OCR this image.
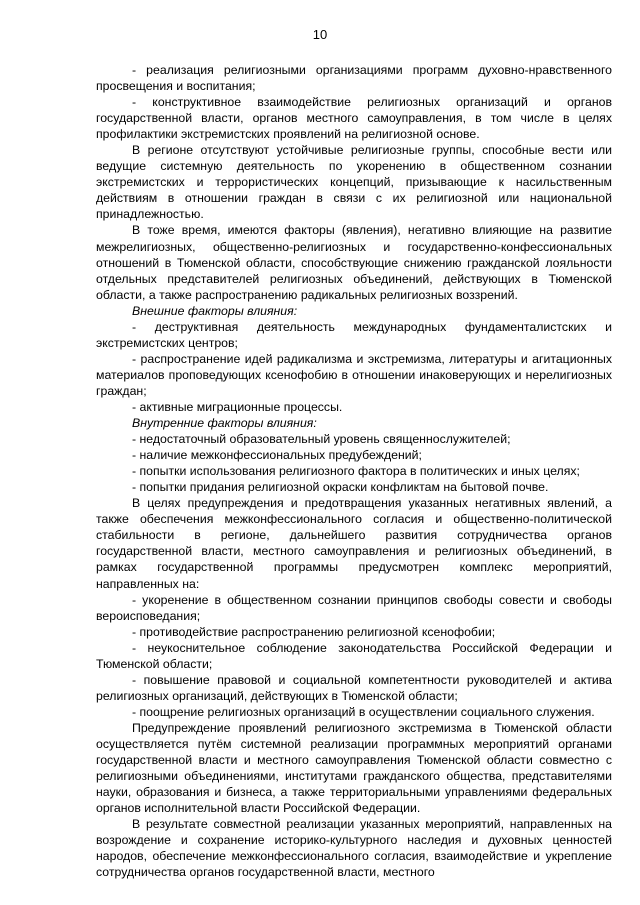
10

- реализация религиозными организациями программ духовно-нравственного просвещения и воспитания;

- конструктивное взаимодействие религиозных организаций и органов государственной власти, органов местного самоуправления, в том числе в целях профилактики экстремистских проявлений на религиозной основе.

В регионе отсутствуют устойчивые религиозные группы, способные вести или ведущие системную деятельность по укоренению в общественном сознании экстремистских и террористических концепций, призывающие к насильственным действиям в отношении граждан в связи с их религиозной или национальной принадлежностью.

В тоже время, имеются факторы (явления), негативно влияющие на развитие межрелигиозных, общественно-религиозных и государственно-конфессиональных отношений в Тюменской области, способствующие снижению гражданской лояльности отдельных представителей религиозных объединений, действующих в Тюменской области, а также распространению радикальных религиозных воззрений.

Внешние факторы влияния:

- деструктивная деятельность международных фундаменталистских и экстремистских центров;

- распространение идей радикализма и экстремизма, литературы и агитационных материалов проповедующих ксенофобию в отношении инаковерующих и нерелигиозных граждан;

- активные миграционные процессы.

Внутренние факторы влияния:

- недостаточный образовательный уровень священнослужителей;

- наличие межконфессиональных предубеждений;

- попытки использования религиозного фактора в политических и иных целях;

- попытки придания религиозной окраски конфликтам на бытовой почве.

В целях предупреждения и предотвращения указанных негативных явлений, а также обеспечения межконфессионального согласия и общественно-политической стабильности в регионе, дальнейшего развития сотрудничества органов государственной власти, местного самоуправления и религиозных объединений, в рамках государственной программы предусмотрен комплекс мероприятий, направленных на:

- укоренение в общественном сознании принципов свободы совести и свободы вероисповедания;

- противодействие распространению религиозной ксенофобии;

- неукоснительное соблюдение законодательства Российской Федерации и Тюменской области;

- повышение правовой и социальной компетентности руководителей и актива религиозных организаций, действующих в Тюменской области;

- поощрение религиозных организаций в осуществлении социального служения.

Предупреждение проявлений религиозного экстремизма в Тюменской области осуществляется путём системной реализации программных мероприятий органами государственной власти и местного самоуправления Тюменской области совместно с религиозными объединениями, институтами гражданского общества, представителями науки, образования и бизнеса, а также территориальными управлениями федеральных органов исполнительной власти Российской Федерации.

В результате совместной реализации указанных мероприятий, направленных на возрождение и сохранение историко-культурного наследия и духовных ценностей народов, обеспечение межконфессионального согласия, взаимодействие и укрепление сотрудничества органов государственной власти, местного
